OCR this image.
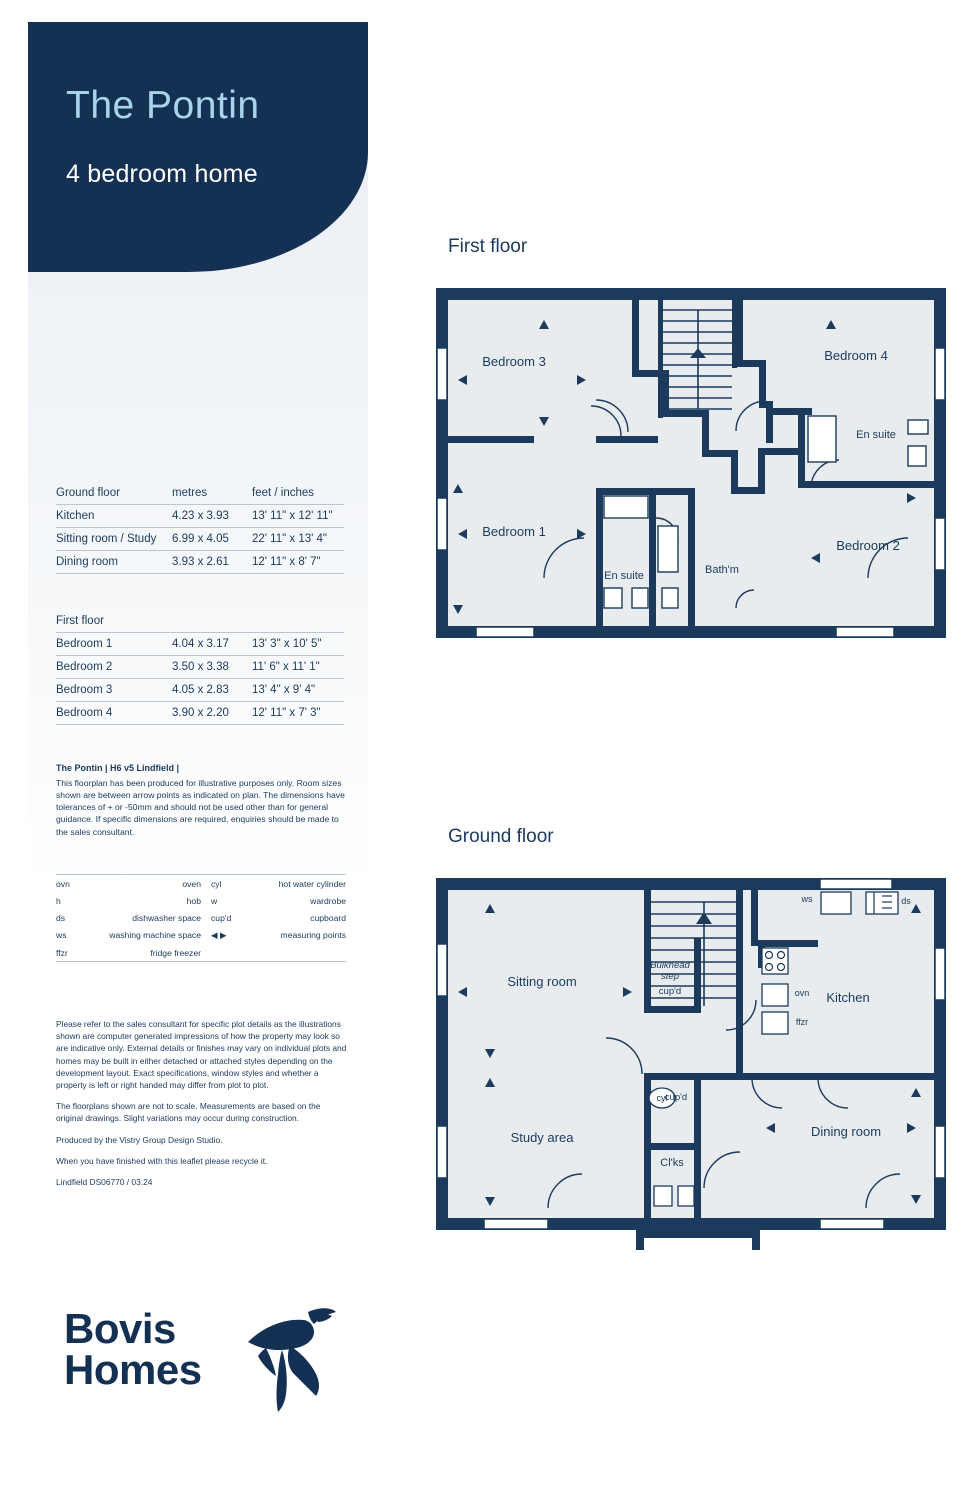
The Pontin
4 bedroom home
Ground floor	metres	feet / inches
Kitchen	4.23 x 3.93	13' 11" x 12' 11"
Sitting room / Study	6.99 x 4.05	22' 11" x 13' 4"
Dining room	3.93 x 2.61	12' 11" x 8' 7"
First floor		
Bedroom 1	4.04 x 3.17	13' 3" x 10' 5"
Bedroom 2	3.50 x 3.38	11' 6" x 11' 1"
Bedroom 3	4.05 x 2.83	13' 4" x 9' 4"
Bedroom 4	3.90 x 2.20	12' 11" x 7' 3"
The Pontin | H6 v5 Lindfield |
This floorplan has been produced for illustrative purposes only. Room sizes shown are between arrow points as indicated on plan. The dimensions have tolerances of + or -50mm and should not be used other than for general guidance. If specific dimensions are required, enquiries should be made to the sales consultant.
ovn	oven	cyl	hot water cylinder
h	hob	w	wardrobe
ds	dishwasher space	cup'd	cupboard
ws	washing machine space	◀ ▶	measuring points
ffzr	fridge freezer		

Please refer to the sales consultant for specific plot details as the illustrations shown are computer generated impressions of how the property may look so are indicative only. External details or finishes may vary on individual plots and homes may be built in either detached or attached styles depending on the development layout. Exact specifications, window styles and whether a property is left or right handed may differ from plot to plot.

The floorplans shown are not to scale. Measurements are based on the original drawings. Slight variations may occur during construction.

Produced by the Vistry Group Design Studio.

When you have finished with this leaflet please recycle it.

Lindfield DS06770 / 03.24

Bovis
Homes
First floor
Bedroom 3	Bedroom 4
Bedroom 1
Bedroom 2
En suite
En suite	Bath'm
Ground floor
Sitting room
Kitchen
Study area	Dining room
Bulkhead
step
cup'd
cup'd
cyl
Cl'ks
ws	ds
ovn
ffzr
